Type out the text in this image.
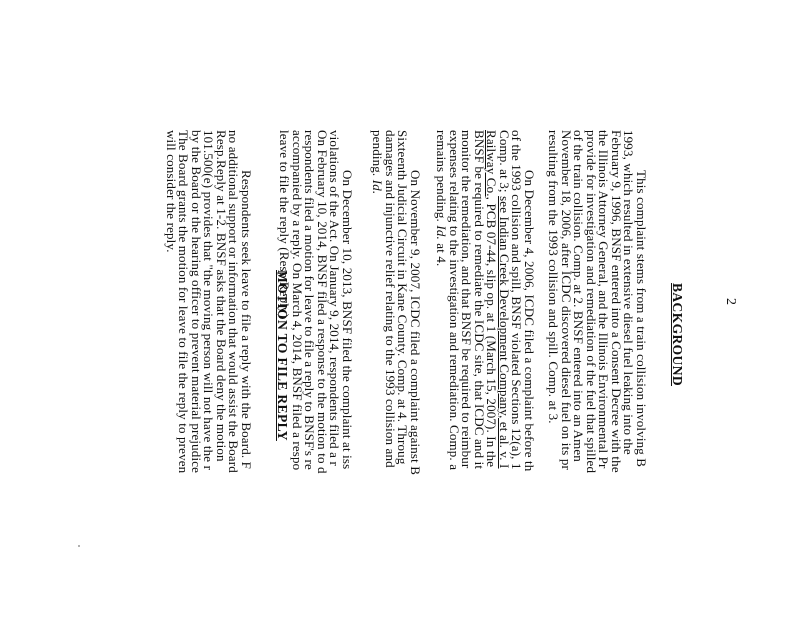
2
BACKGROUND
This complaint stems from a train collision involving B
1993, which resulted in extensive diesel fuel leaking into the
February 9, 1996, BNSF entered into a Consent Decree with the
the Illinois Attorney General, and the Illinois Environmental Pr
provide for investigation and remediation of the fuel that spilled
of the train collision. Comp. at 2. BNSF entered into an Amen
November 18, 2006, after ICDC discovered diesel fuel on its pr
resulting from the 1993 collision and spill. Comp. at 3.
On December 4, 2006, ICDC filed a complaint before th
of the 1993 collision and spill, BNSF violated Sections 12(a), 1
Comp. at 3; see Indian Creek Development Company, et al. v. I
Railway Co., PCB 07-44, slip op. at 1 (March 15, 2007). In the
BNSF be required to remediate the ICDC site, that ICDC and it
monitor the remediation, and that BNSF be required to reimbur
expenses relating to the investigation and remediation. Comp. a
remains pending. Id. at 4.
On November 9, 2007, ICDC filed a complaint against B
Sixteenth Judicial Circuit in Kane County. Comp. at 4. Throug
damages and injunctive relief relating to the 1993 collision and
pending. Id.
On December 10, 2013, BNSF filed the complaint at iss
violations of the Act. On January 9, 2014, respondents filed a r
On February 10, 2014, BNSF filed a response to the motion to d
respondents filed a motion for leave to file a reply to BNSF's re
accompanied by a reply. On March 4, 2014, BNSF filed a respo
leave to file the reply (Resp.Reply)
MOTION TO FILE REPLY
Respondents seek leave to file a reply with the Board. F
no additional support or information that would assist the Board
Resp.Reply at 1-2. BNSF asks that the Board deny the motion
101.500(e) provides that "the moving person will not have the r
by the Board or the hearing officer to prevent material prejudice
The Board grants the motion for leave to file the reply to preven
will consider the reply.
